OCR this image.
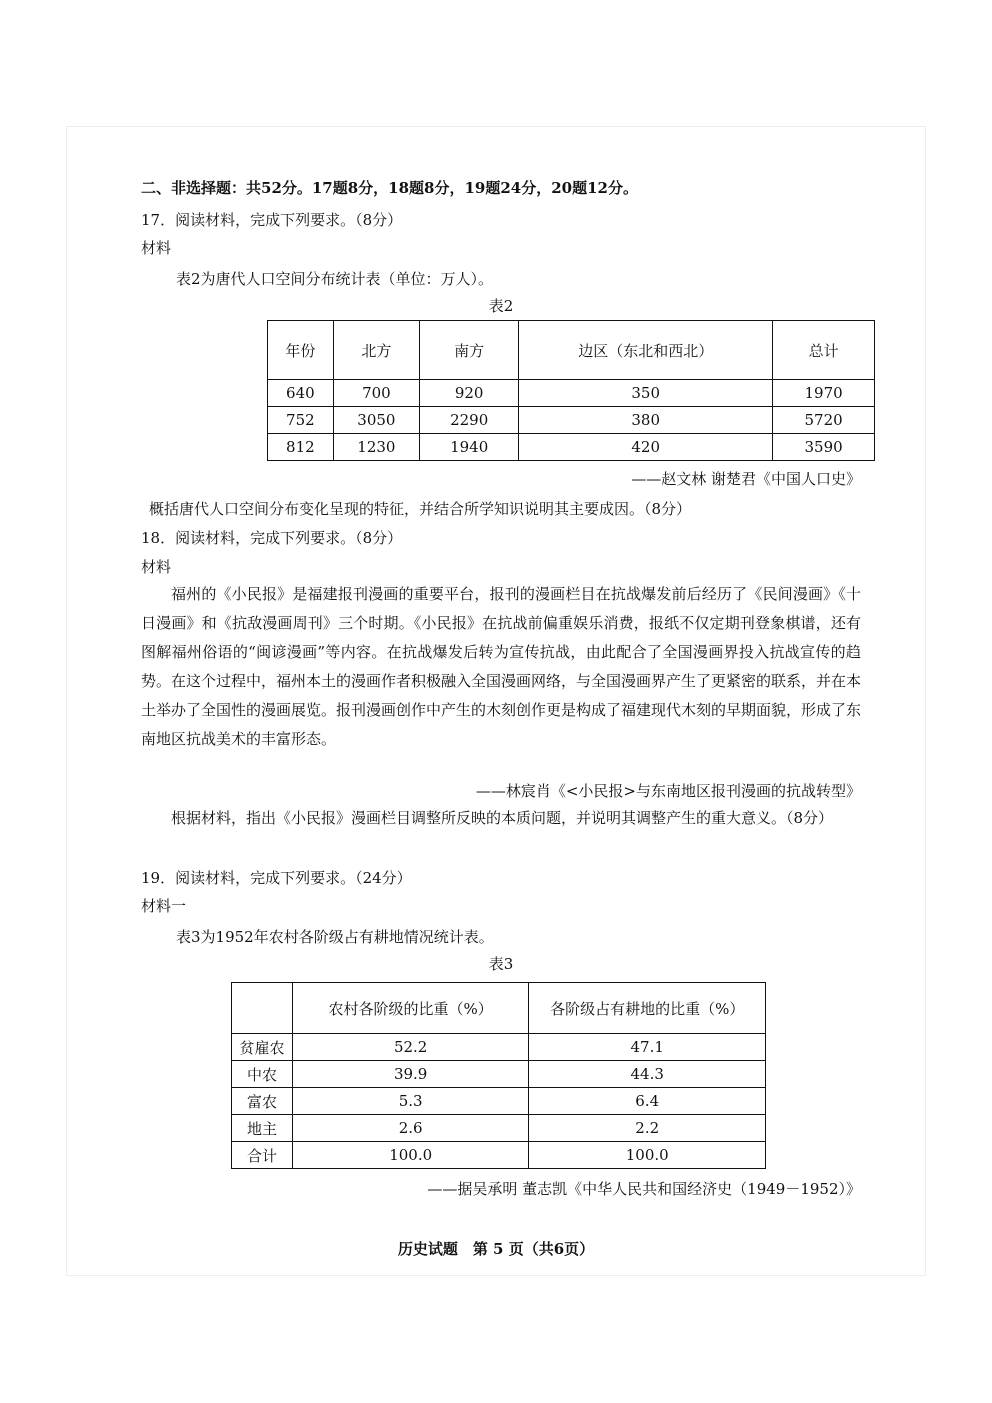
二、非选择题：共52分。17题8分，18题8分，19题24分，20题12分。
17．阅读材料，完成下列要求。（8分）
材料
表2为唐代人口空间分布统计表（单位：万人）。
表2
年份	北方	南方	边区（东北和西北）	总计
640	700	920	350	1970
752	3050	2290	380	5720
812	1230	1940	420	3590
——赵文林 谢楚君《中国人口史》
概括唐代人口空间分布变化呈现的特征，并结合所学知识说明其主要成因。（8分）
18．阅读材料，完成下列要求。（8分）
材料
福州的《小民报》是福建报刊漫画的重要平台，报刊的漫画栏目在抗战爆发前后经历了《民间漫画》《十日漫画》和《抗敌漫画周刊》三个时期。《小民报》在抗战前偏重娱乐消费，报纸不仅定期刊登象棋谱，还有图解福州俗语的“闽谚漫画”等内容。在抗战爆发后转为宣传抗战，由此配合了全国漫画界投入抗战宣传的趋势。在这个过程中，福州本土的漫画作者积极融入全国漫画网络，与全国漫画界产生了更紧密的联系，并在本土举办了全国性的漫画展览。报刊漫画创作中产生的木刻创作更是构成了福建现代木刻的早期面貌，形成了东南地区抗战美术的丰富形态。
——林宸肖《<小民报>与东南地区报刊漫画的抗战转型》
根据材料，指出《小民报》漫画栏目调整所反映的本质问题，并说明其调整产生的重大意义。（8分）
19．阅读材料，完成下列要求。（24分）
材料一
表3为1952年农村各阶级占有耕地情况统计表。
表3
	农村各阶级的比重（%）	各阶级占有耕地的比重（%）
贫雇农	52.2	47.1
中农	39.9	44.3
富农	5.3	6.4
地主	2.6	2.2
合计	100.0	100.0
——据吴承明 董志凯《中华人民共和国经济史（1949－1952）》
历史试题　第 5 页（共6页）
